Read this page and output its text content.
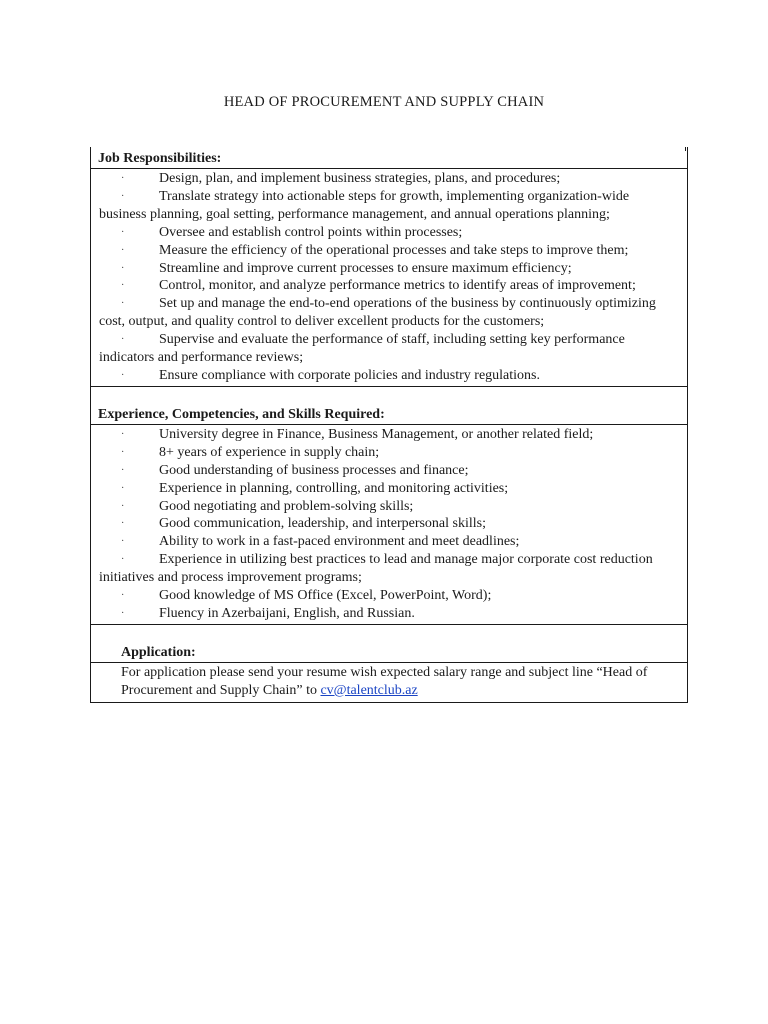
HEAD OF PROCUREMENT AND SUPPLY CHAIN
Job Responsibilities:
· Design, plan, and implement business strategies, plans, and procedures;
· Translate strategy into actionable steps for growth, implementing organization-wide business planning, goal setting, performance management, and annual operations planning;
· Oversee and establish control points within processes;
· Measure the efficiency of the operational processes and take steps to improve them;
· Streamline and improve current processes to ensure maximum efficiency;
· Control, monitor, and analyze performance metrics to identify areas of improvement;
· Set up and manage the end-to-end operations of the business by continuously optimizing cost, output, and quality control to deliver excellent products for the customers;
· Supervise and evaluate the performance of staff, including setting key performance indicators and performance reviews;
· Ensure compliance with corporate policies and industry regulations.
Experience, Competencies, and Skills Required:
· University degree in Finance, Business Management, or another related field;
· 8+ years of experience in supply chain;
· Good understanding of business processes and finance;
· Experience in planning, controlling, and monitoring activities;
· Good negotiating and problem-solving skills;
· Good communication, leadership, and interpersonal skills;
· Ability to work in a fast-paced environment and meet deadlines;
· Experience in utilizing best practices to lead and manage major corporate cost reduction initiatives and process improvement programs;
· Good knowledge of MS Office (Excel, PowerPoint, Word);
· Fluency in Azerbaijani, English, and Russian.
Application:
For application please send your resume wish expected salary range and subject line “Head of Procurement and Supply Chain” to cv@talentclub.az
